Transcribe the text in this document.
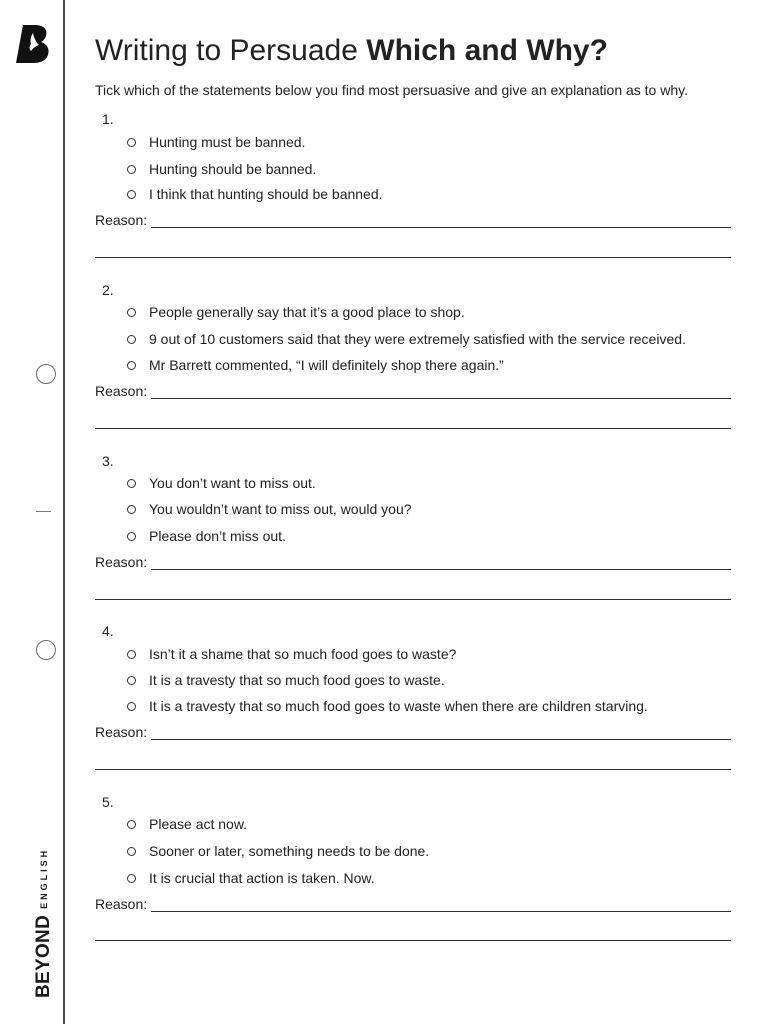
BEYONDENGLISH
Writing to Persuade Which and Why?
Tick which of the statements below you find most persuasive and give an explanation as to why.
1.
Hunting must be banned.
Hunting should be banned.
I think that hunting should be banned.
Reason:
2.
People generally say that it’s a good place to shop.
9 out of 10 customers said that they were extremely satisfied with the service received.
Mr Barrett commented, “I will definitely shop there again.”
Reason:
3.
You don’t want to miss out.
You wouldn’t want to miss out, would you?
Please don’t miss out.
Reason:
4.
Isn’t it a shame that so much food goes to waste?
It is a travesty that so much food goes to waste.
It is a travesty that so much food goes to waste when there are children starving.
Reason:
5.
Please act now.
Sooner or later, something needs to be done.
It is crucial that action is taken. Now.
Reason:
